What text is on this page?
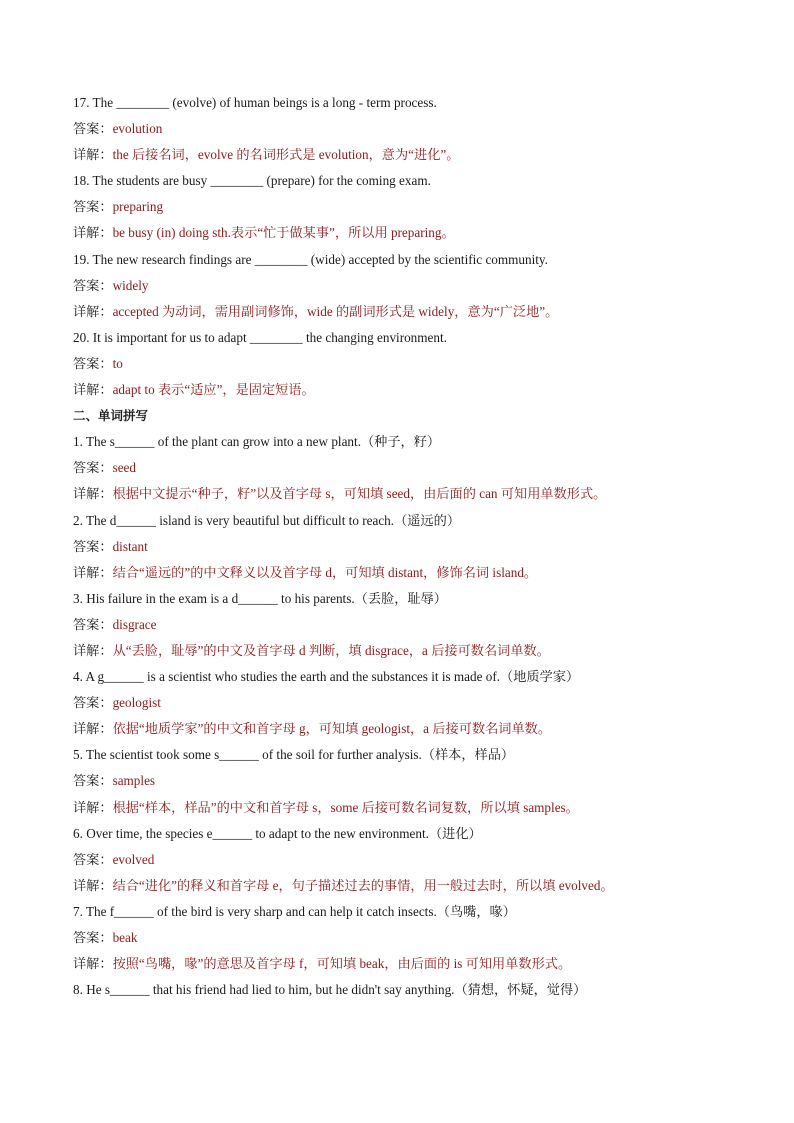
17. The ________ (evolve) of human beings is a long - term process.
答案：evolution
详解：the 后接名词，evolve 的名词形式是 evolution，意为“进化”。
18. The students are busy ________ (prepare) for the coming exam.
答案：preparing
详解：be busy (in) doing sth.表示“忙于做某事”，所以用 preparing。
19. The new research findings are ________ (wide) accepted by the scientific community.
答案：widely
详解：accepted 为动词，需用副词修饰，wide 的副词形式是 widely，意为“广泛地”。
20. It is important for us to adapt ________ the changing environment.
答案：to
详解：adapt to 表示“适应”，是固定短语。
二、单词拼写
1. The s______ of the plant can grow into a new plant.（种子，籽）
答案：seed
详解：根据中文提示“种子，籽”以及首字母 s，可知填 seed，由后面的 can 可知用单数形式。
2. The d______ island is very beautiful but difficult to reach.（遥远的）
答案：distant
详解：结合“遥远的”的中文释义以及首字母 d，可知填 distant，修饰名词 island。
3. His failure in the exam is a d______ to his parents.（丢脸，耻辱）
答案：disgrace
详解：从“丢脸，耻辱”的中文及首字母 d 判断，填 disgrace，a 后接可数名词单数。
4. A g______ is a scientist who studies the earth and the substances it is made of.（地质学家）
答案：geologist
详解：依据“地质学家”的中文和首字母 g，可知填 geologist，a 后接可数名词单数。
5. The scientist took some s______ of the soil for further analysis.（样本，样品）
答案：samples
详解：根据“样本，样品”的中文和首字母 s，some 后接可数名词复数，所以填 samples。
6. Over time, the species e______ to adapt to the new environment.（进化）
答案：evolved
详解：结合“进化”的释义和首字母 e，句子描述过去的事情，用一般过去时，所以填 evolved。
7. The f______ of the bird is very sharp and can help it catch insects.（鸟嘴，喙）
答案：beak
详解：按照“鸟嘴，喙”的意思及首字母 f，可知填 beak，由后面的 is 可知用单数形式。
8. He s______ that his friend had lied to him, but he didn't say anything.（猜想，怀疑，觉得）
